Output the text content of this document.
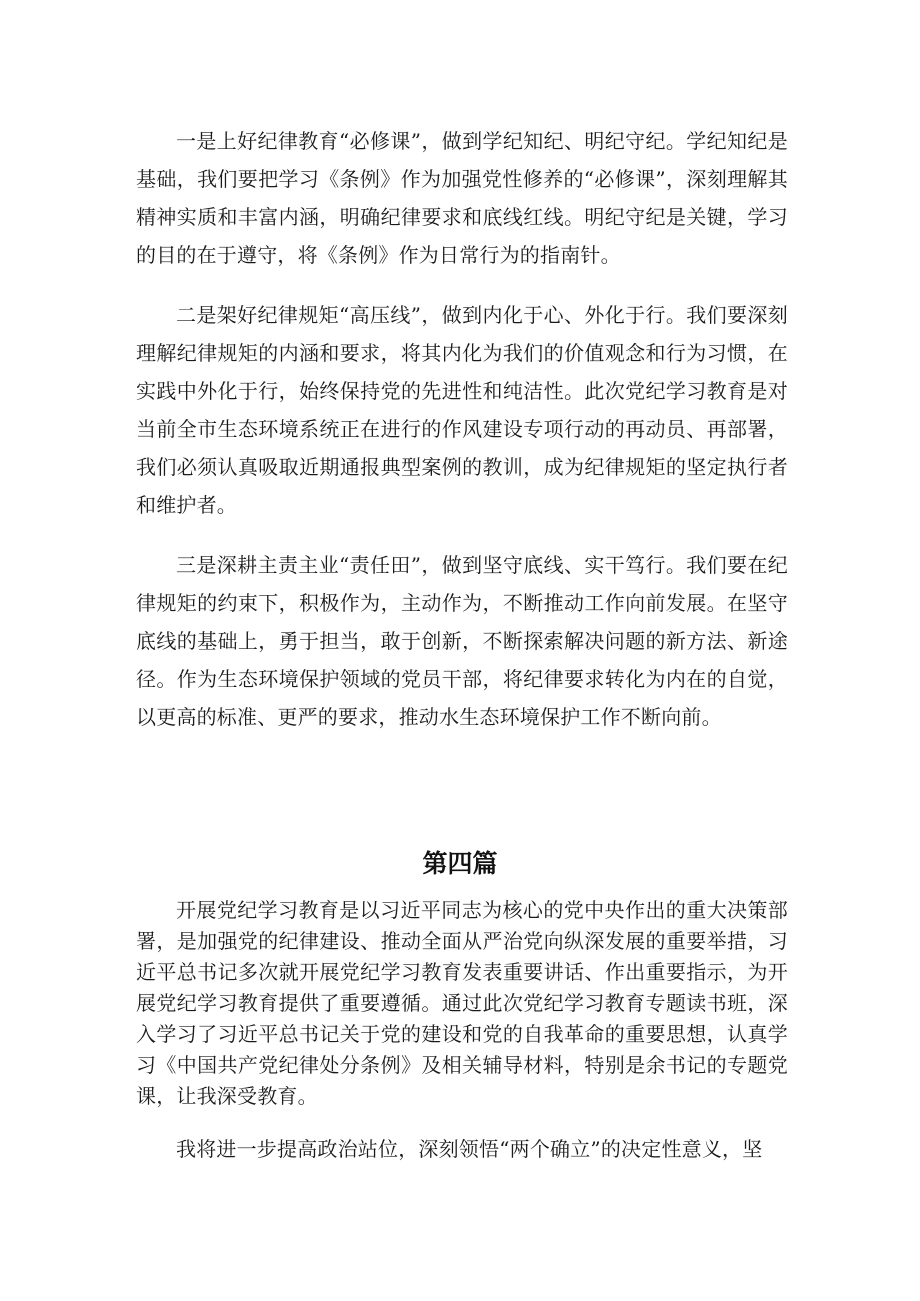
一是上好纪律教育“必修课”，做到学纪知纪、明纪守纪。学纪知纪是基础，我们要把学习《条例》作为加强党性修养的“必修课”，深刻理解其精神实质和丰富内涵，明确纪律要求和底线红线。明纪守纪是关键，学习的目的在于遵守，将《条例》作为日常行为的指南针。

二是架好纪律规矩“高压线”，做到内化于心、外化于行。我们要深刻理解纪律规矩的内涵和要求，将其内化为我们的价值观念和行为习惯，在实践中外化于行，始终保持党的先进性和纯洁性。此次党纪学习教育是对当前全市生态环境系统正在进行的作风建设专项行动的再动员、再部署，我们必须认真吸取近期通报典型案例的教训，成为纪律规矩的坚定执行者和维护者。

三是深耕主责主业“责任田”，做到坚守底线、实干笃行。我们要在纪律规矩的约束下，积极作为，主动作为，不断推动工作向前发展。在坚守底线的基础上，勇于担当，敢于创新，不断探索解决问题的新方法、新途径。作为生态环境保护领域的党员干部，将纪律要求转化为内在的自觉，以更高的标准、更严的要求，推动水生态环境保护工作不断向前。

第四篇

开展党纪学习教育是以习近平同志为核心的党中央作出的重大决策部署，是加强党的纪律建设、推动全面从严治党向纵深发展的重要举措，习近平总书记多次就开展党纪学习教育发表重要讲话、作出重要指示，为开展党纪学习教育提供了重要遵循。通过此次党纪学习教育专题读书班，深入学习了习近平总书记关于党的建设和党的自我革命的重要思想，认真学习《中国共产党纪律处分条例》及相关辅导材料，特别是余书记的专题党课，让我深受教育。

我将进一步提高政治站位，深刻领悟“两个确立”的决定性意义，坚
